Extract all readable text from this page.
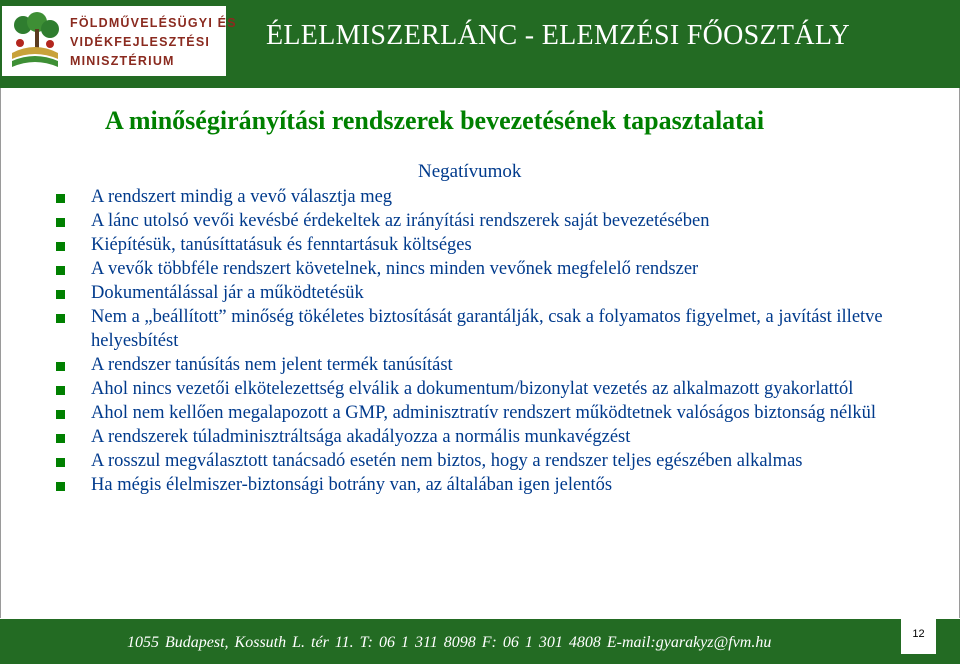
FÖLDMŰVELÉSÜGYI ÉS
VIDÉKFEJLESZTÉSI
MINISZTÉRIUM
ÉLELMISZERLÁNC - ELEMZÉSI FŐOSZTÁLY
A minőségirányítási rendszerek bevezetésének tapasztalatai
Negatívumok
A rendszert mindig a vevő választja meg
A lánc utolsó vevői kevésbé érdekeltek az irányítási rendszerek saját bevezetésében
Kiépítésük, tanúsíttatásuk és fenntartásuk költséges
A vevők többféle rendszert követelnek, nincs minden vevőnek megfelelő rendszer
Dokumentálással jár a működtetésük
Nem a „beállított” minőség tökéletes biztosítását garantálják, csak a folyamatos figyelmet, a javítást illetve helyesbítést
A rendszer tanúsítás nem jelent termék tanúsítást
Ahol nincs vezetői elkötelezettség elválik a dokumentum/bizonylat vezetés az alkalmazott gyakorlattól
Ahol nem kellően megalapozott a GMP, adminisztratív rendszert működtetnek valóságos biztonság nélkül
A rendszerek túladminisztráltsága akadályozza a normális munkavégzést
A rosszul megválasztott tanácsadó esetén nem biztos, hogy a rendszer teljes egészében alkalmas
Ha mégis élelmiszer-biztonsági botrány van, az általában igen jelentős
1055 Budapest, Kossuth L. tér 11. T: 06 1 311 8098 F: 06 1 301 4808 E-mail:gyarakyz@fvm.hu	12
